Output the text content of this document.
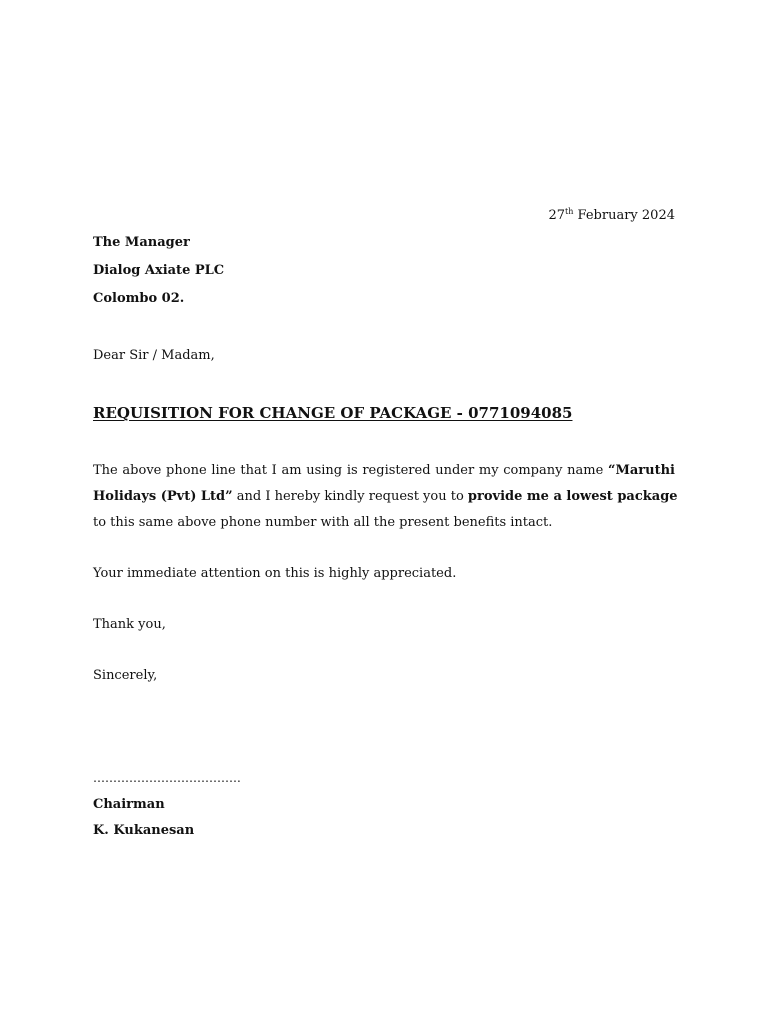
27th February 2024
The Manager
Dialog Axiate PLC
Colombo 02.
Dear Sir / Madam,
REQUISITION FOR CHANGE OF PACKAGE - 0771094085
The above phone line that I am using is registered under my company name “Maruthi
Holidays (Pvt) Ltd” and I hereby kindly request you to provide me a lowest package
to this same above phone number with all the present benefits intact.
Your immediate attention on this is highly appreciated.
Thank you,
Sincerely,
……………………………….
Chairman
K. Kukanesan
